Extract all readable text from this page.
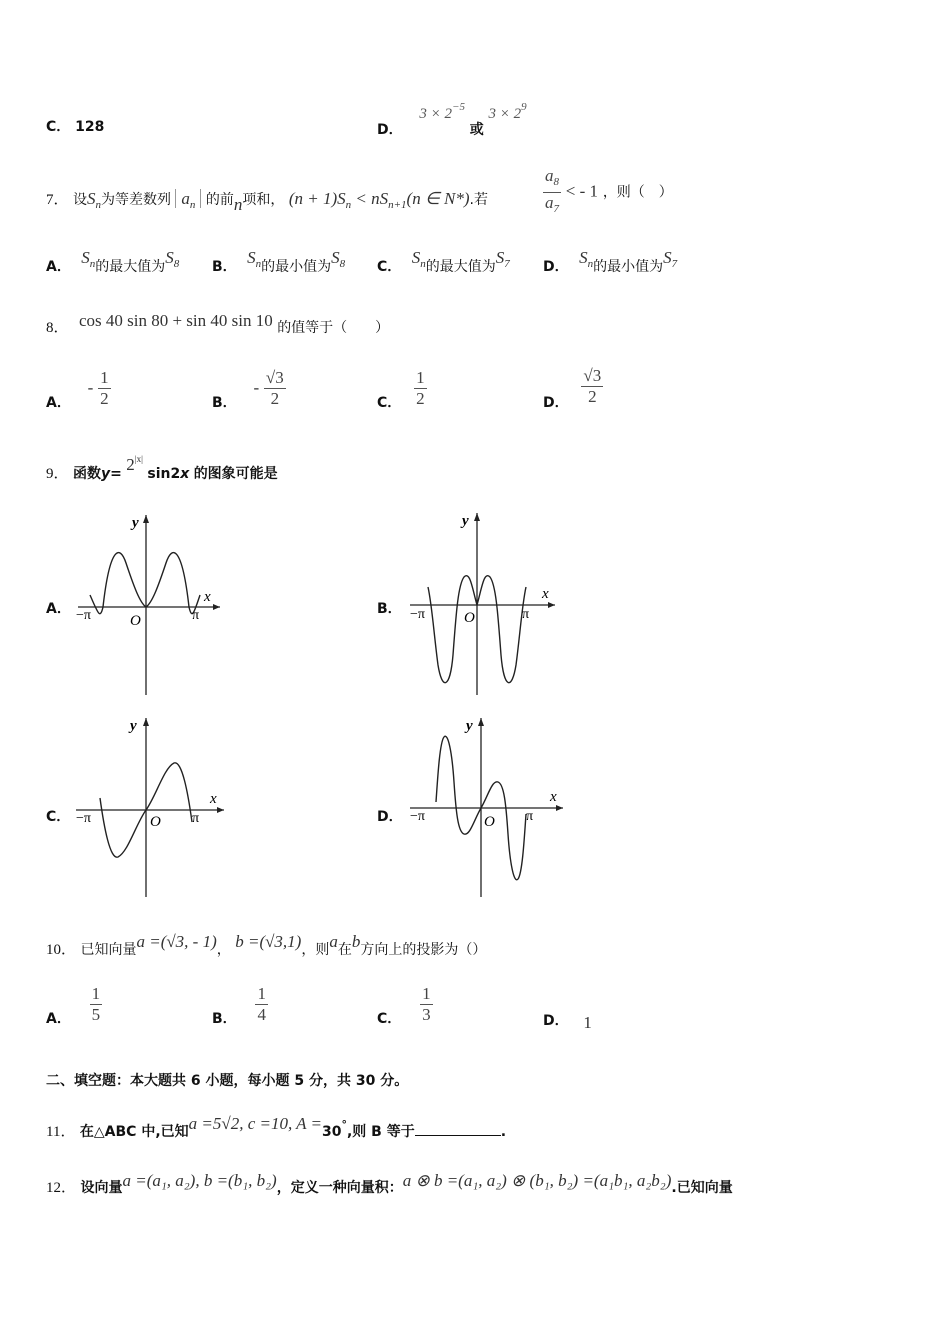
C． 128	D． $3 \times 2^{-5}$ 或 $3 \times 2^9$
7． 设$S_n$为等差数列 $a_n$ 的前n项和， $(n + 1)S_n < nS_{n+1}(n$ ∈ N*).若	$\frac{a_8}{a_7}$ < - 1 ，则（　）
A． $S_n$的最大值为$S_8$ B． $S_n$的最小值为$S_8$ C． $S_n$的最大值为$S_7$ D． $S_n$的最小值为$S_7$
8． cos 40 sin 80 + sin 40 sin 10 的值等于（　　）
A． - $\frac{1}{2}$	B． - $\frac{√3}{2}$	C． $\frac{1}{2}$	D． $\frac{√3}{2}$
9． 函数$y= 2^{|x|}$ sin2x 的图象可能是
A．
x
y
−π	π
O
B．
x
y
−π	π
O
C．
x
y
−π	π
O	D．
x
y
−π	π
O
10． 已知向量a =(√3, - 1)， b =(√3,1)，则a在b方向上的投影为（）
A． $\frac{1}{5}$	B． $\frac{1}{4}$	C． $\frac{1}{3}$	D． 1
二、填空题：本大题共 6 小题，每小题 5 分，共 30 分。
11． 在△ABC 中,已知a =5√2, c =10, A =30°,则 B 等于	.
12． 设向量a =(a₁, a₂), b =(b₁, b₂)，定义一种向量积：a ⊗ b =(a₁, a₂) ⊗ (b₁, b₂) =(a₁b₁, a₂b₂).已知向量
